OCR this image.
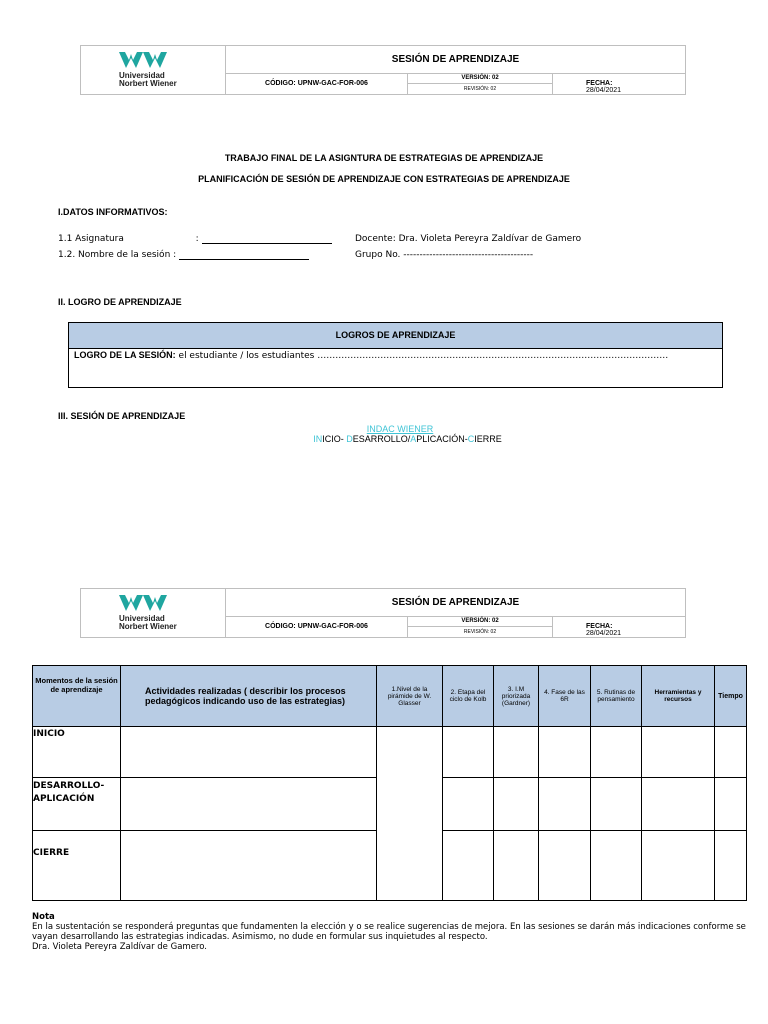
Universidad
Norbert Wiener
SESIÓN DE APRENDIZAJE
CÓDIGO: UPNW-GAC-FOR-006
VERSIÓN: 02
REVISIÓN: 02
FECHA:
28/04/2021
TRABAJO FINAL DE LA ASIGNTURA DE ESTRATEGIAS DE APRENDIZAJE
PLANIFICACIÓN DE SESIÓN DE APRENDIZAJE CON ESTRATEGIAS DE APRENDIZAJE
I.DATOS INFORMATIVOS:
1.1 Asignatura	:
1.2. Nombre de la sesión :
Docente: Dra. Violeta Pereyra Zaldívar de Gamero
Grupo No. ----------------------------------------
II. LOGRO DE APRENDIZAJE
LOGROS DE APRENDIZAJE
LOGRO DE LA SESIÓN: el estudiante / los estudiantes ………………………………………………………………………………………………………
III. SESIÓN DE APRENDIZAJE
INDAC WIENER
INICIO- DESARROLLO/APLICACIÓN-CIERRE
Universidad
Norbert Wiener
SESIÓN DE APRENDIZAJE
CÓDIGO: UPNW-GAC-FOR-006
VERSIÓN: 02
REVISIÓN: 02
FECHA:
28/04/2021
Momentos de la sesión de aprendizaje	Actividades realizadas ( describir los procesos pedagógicos indicando uso de las estrategias)	1.Nivel de la pirámide de W. Glasser	2. Etapa del ciclo de Kolb	3. I.M priorizada (Gardner)	4. Fase de las 6R	5. Rutinas de pensamiento	Herramientas y recursos	Tiempo
INICIO								
DESARROLLO-APLICACIÓN								
CIERRE								
Nota
En la sustentación se responderá preguntas que fundamenten la elección y o se realice sugerencias de mejora. En las sesiones se darán más indicaciones conforme se vayan desarrollando las estrategias indicadas. Asimismo, no dude en formular sus inquietudes al respecto.
Dra. Violeta Pereyra Zaldívar de Gamero.
